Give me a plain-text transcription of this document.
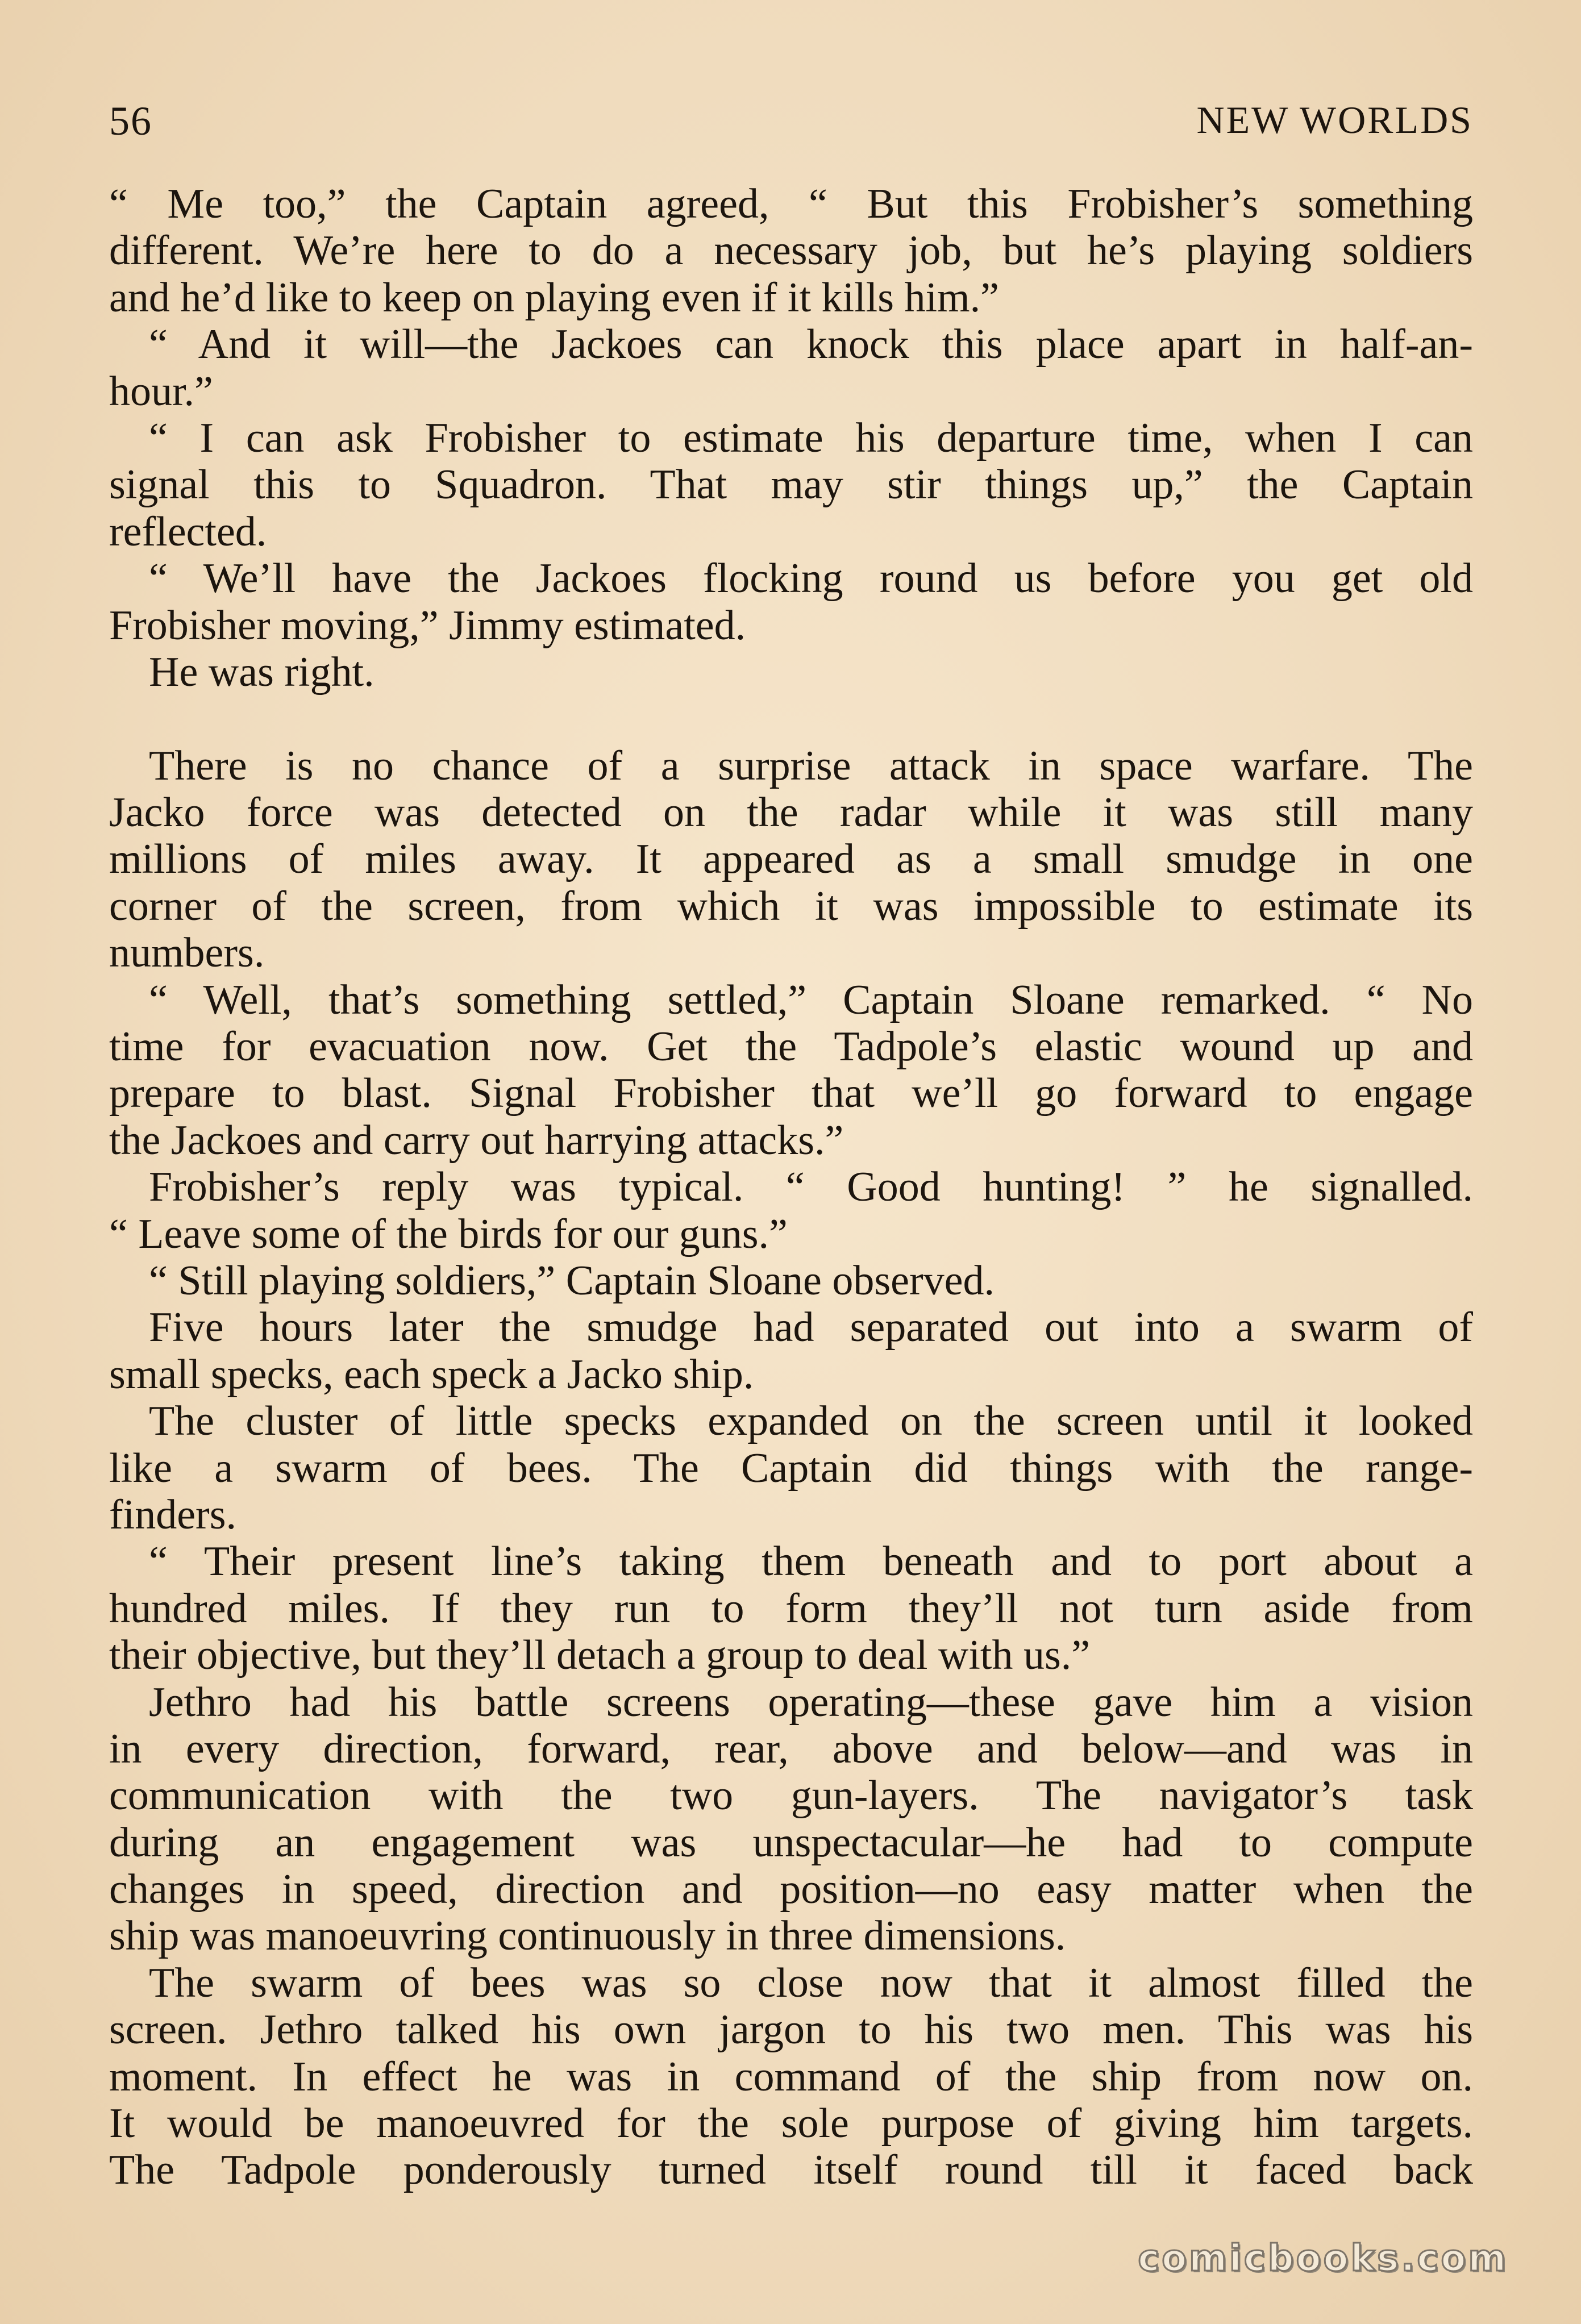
56	NEW WORLDS
“ Me too,” the Captain agreed, “ But this Frobisher’s something
different. We’re here to do a necessary job, but he’s playing soldiers
and he’d like to keep on playing even if it kills him.”
“ And it will—the Jackoes can knock this place apart in half-an-
hour.”
“ I can ask Frobisher to estimate his departure time, when I can
signal this to Squadron. That may stir things up,” the Captain
reflected.
“ We’ll have the Jackoes flocking round us before you get old
Frobisher moving,” Jimmy estimated.
He was right.
There is no chance of a surprise attack in space warfare. The
Jacko force was detected on the radar while it was still many
millions of miles away. It appeared as a small smudge in one
corner of the screen, from which it was impossible to estimate its
numbers.
“ Well, that’s something settled,” Captain Sloane remarked. “ No
time for evacuation now. Get the Tadpole’s elastic wound up and
prepare to blast. Signal Frobisher that we’ll go forward to engage
the Jackoes and carry out harrying attacks.”
Frobisher’s reply was typical. “ Good hunting! ” he signalled.
“ Leave some of the birds for our guns.”
“ Still playing soldiers,” Captain Sloane observed.
Five hours later the smudge had separated out into a swarm of
small specks, each speck a Jacko ship.
The cluster of little specks expanded on the screen until it looked
like a swarm of bees. The Captain did things with the range-
finders.
“ Their present line’s taking them beneath and to port about a
hundred miles. If they run to form they’ll not turn aside from
their objective, but they’ll detach a group to deal with us.”
Jethro had his battle screens operating—these gave him a vision
in every direction, forward, rear, above and below—and was in
communication with the two gun-layers. The navigator’s task
during an engagement was unspectacular—he had to compute
changes in speed, direction and position—no easy matter when the
ship was manoeuvring continuously in three dimensions.
The swarm of bees was so close now that it almost filled the
screen. Jethro talked his own jargon to his two men. This was his
moment. In effect he was in command of the ship from now on.
It would be manoeuvred for the sole purpose of giving him targets.
The Tadpole ponderously turned itself round till it faced back
comicbooks.com
